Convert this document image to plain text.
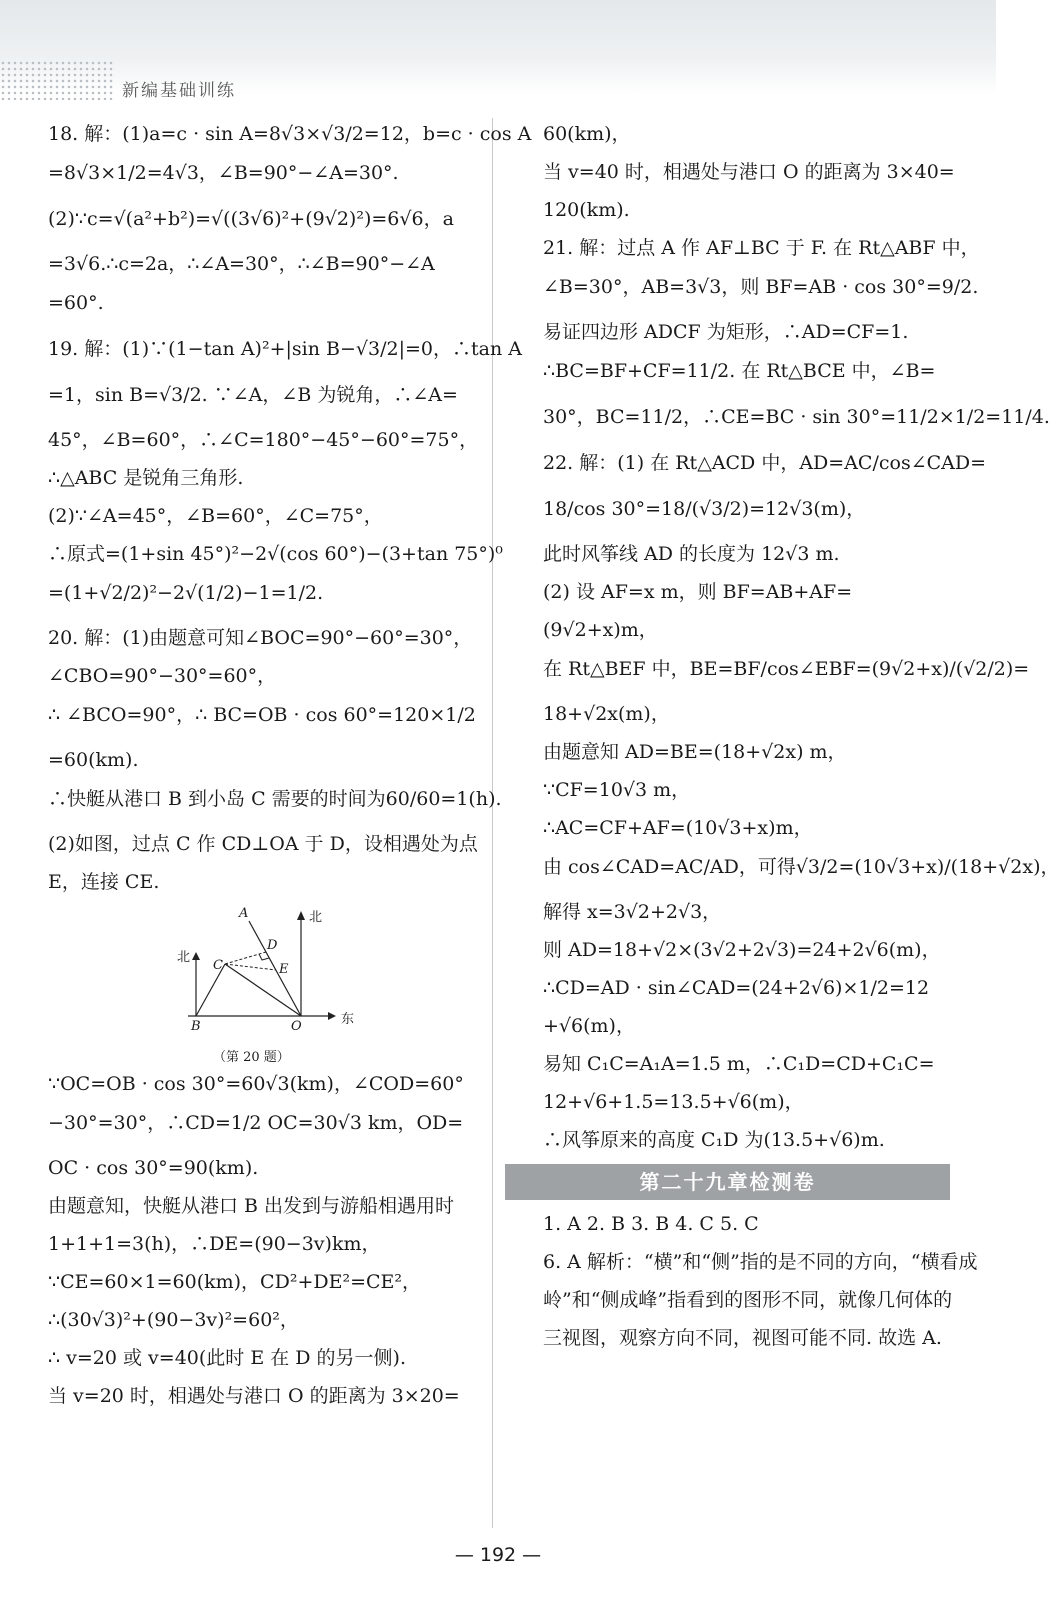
新编基础训练
18. 解：(1)a=c · sin A=8√3×√3/2=12，b=c · cos A
=8√3×1/2=4√3，∠B=90°−∠A=30°.
(2)∵c=√(a²+b²)=√((3√6)²+(9√2)²)=6√6，a
=3√6.∴c=2a，∴∠A=30°，∴∠B=90°−∠A
=60°.
19. 解：(1)∵(1−tan A)²+|sin B−√3/2|=0，∴tan A
=1，sin B=√3/2. ∵∠A，∠B 为锐角，∴∠A=
45°，∠B=60°，∴∠C=180°−45°−60°=75°，
∴△ABC 是锐角三角形.
(2)∵∠A=45°，∠B=60°，∠C=75°，
∴原式=(1+sin 45°)²−2√(cos 60°)−(3+tan 75°)⁰
=(1+√2/2)²−2√(1/2)−1=1/2.
20. 解：(1)由题意可知∠BOC=90°−60°=30°，
∠CBO=90°−30°=60°，
∴ ∠BCO=90°，∴ BC=OB · cos 60°=120×1/2
=60(km).
∴快艇从港口 B 到小岛 C 需要的时间为60/60=1(h).
(2)如图，过点 C 作 CD⊥OA 于 D，设相遇处为点
E，连接 CE.
A	北
北
D
C	E
B	O	东
（第 20 题）
∵OC=OB · cos 30°=60√3(km)，∠COD=60°
−30°=30°，∴CD=1/2 OC=30√3 km，OD=
OC · cos 30°=90(km).
由题意知，快艇从港口 B 出发到与游船相遇用时
1+1+1=3(h)，∴DE=(90−3v)km，
∵CE=60×1=60(km)，CD²+DE²=CE²，
∴(30√3)²+(90−3v)²=60²，
∴ v=20 或 v=40(此时 E 在 D 的另一侧).
当 v=20 时，相遇处与港口 O 的距离为 3×20=
60(km)，
当 v=40 时，相遇处与港口 O 的距离为 3×40=
120(km).
21. 解：过点 A 作 AF⊥BC 于 F. 在 Rt△ABF 中，
∠B=30°，AB=3√3，则 BF=AB · cos 30°=9/2.
易证四边形 ADCF 为矩形，∴AD=CF=1.
∴BC=BF+CF=11/2. 在 Rt△BCE 中，∠B=
30°，BC=11/2，∴CE=BC · sin 30°=11/2×1/2=11/4.
22. 解：(1) 在 Rt△ACD 中，AD=AC/cos∠CAD=
18/cos 30°=18/(√3/2)=12√3(m)，
此时风筝线 AD 的长度为 12√3 m.
(2) 设 AF=x m，则 BF=AB+AF=
(9√2+x)m，
在 Rt△BEF 中，BE=BF/cos∠EBF=(9√2+x)/(√2/2)=
18+√2x(m)，
由题意知 AD=BE=(18+√2x) m，
∵CF=10√3 m，
∴AC=CF+AF=(10√3+x)m，
由 cos∠CAD=AC/AD，可得√3/2=(10√3+x)/(18+√2x)，
解得 x=3√2+2√3，
则 AD=18+√2×(3√2+2√3)=24+2√6(m)，
∴CD=AD · sin∠CAD=(24+2√6)×1/2=12
+√6(m)，
易知 C₁C=A₁A=1.5 m，∴C₁D=CD+C₁C=
12+√6+1.5=13.5+√6(m)，
∴风筝原来的高度 C₁D 为(13.5+√6)m.
第二十九章检测卷
1. A 2. B 3. B 4. C 5. C
6. A 解析：“横”和“侧”指的是不同的方向，“横看成
岭”和“侧成峰”指看到的图形不同，就像几何体的
三视图，观察方向不同，视图可能不同. 故选 A.
— 192 —
